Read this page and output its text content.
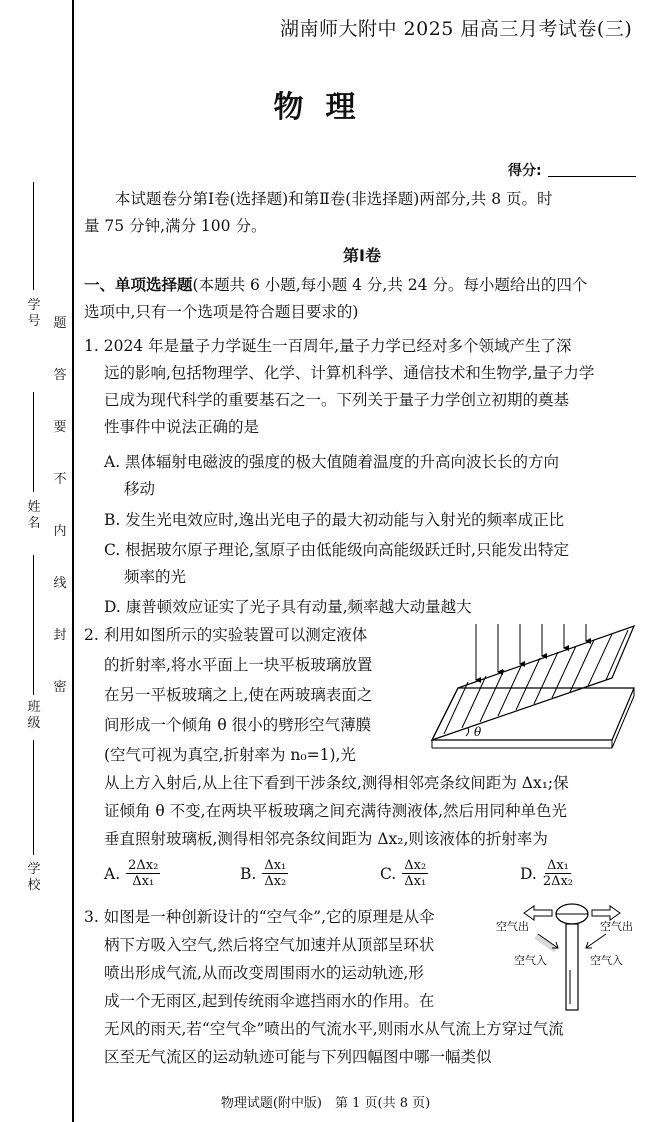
学 号
姓 名
班 级
学 校
密
封
线
内
不
要
答
题
湖南师大附中 2025 届高三月考试卷(三)
物理
得分:
本试题卷分第Ⅰ卷(选择题)和第Ⅱ卷(非选择题)两部分,共 8 页。时
量 75 分钟,满分 100 分。
第Ⅰ卷
一、单项选择题(本题共 6 小题,每小题 4 分,共 24 分。每小题给出的四个
选项中,只有一个选项是符合题目要求的)
1. 2024 年是量子力学诞生一百周年,量子力学已经对多个领域产生了深
远的影响,包括物理学、化学、计算机科学、通信技术和生物学,量子力学
已成为现代科学的重要基石之一。下列关于量子力学创立初期的奠基
性事件中说法正确的是
A. 黑体辐射电磁波的强度的极大值随着温度的升高向波长长的方向
移动
B. 发生光电效应时,逸出光电子的最大初动能与入射光的频率成正比
C. 根据玻尔原子理论,氢原子由低能级向高能级跃迁时,只能发出特定
频率的光
D. 康普顿效应证实了光子具有动量,频率越大动量越大
2. 利用如图所示的实验装置可以测定液体
的折射率,将水平面上一块平板玻璃放置
在另一平板玻璃之上,使在两玻璃表面之
间形成一个倾角 θ 很小的劈形空气薄膜
(空气可视为真空,折射率为 n₀=1),光
从上方入射后,从上往下看到干涉条纹,测得相邻亮条纹间距为 Δx₁;保
证倾角 θ 不变,在两块平板玻璃之间充满待测液体,然后用同种单色光
垂直照射玻璃板,测得相邻亮条纹间距为 Δx₂,则该液体的折射率为
θ
A. $\frac{\text{2Δx₂}}{\text{Δx₁}}$	B. $\frac{\text{Δx₁}}{\text{Δx₂}}$	C. $\frac{\text{Δx₂}}{\text{Δx₁}}$	D. $\frac{\text{Δx₁}}{\text{2Δx₂}}$
3. 如图是一种创新设计的“空气伞”,它的原理是从伞
柄下方吸入空气,然后将空气加速并从顶部呈环状
喷出形成气流,从而改变周围雨水的运动轨迹,形
成一个无雨区,起到传统雨伞遮挡雨水的作用。在
无风的雨天,若“空气伞”喷出的气流水平,则雨水从气流上方穿过气流
区至无气流区的运动轨迹可能与下列四幅图中哪一幅类似
空气出	空气出
空气入	空气入
物理试题(附中版)　第 1 页(共 8 页)
